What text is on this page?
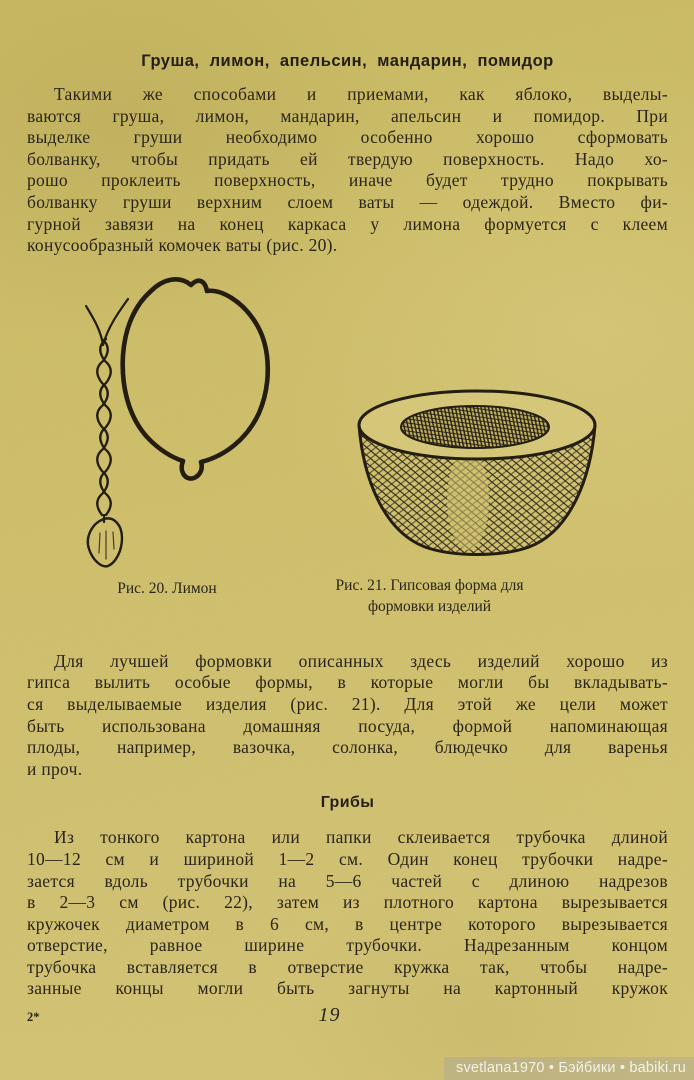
Груша, лимон, апельсин, мандарин, помидор
Такими же способами и приемами, как яблоко, выделы-
ваются груша, лимон, мандарин, апельсин и помидор. При
выделке груши необходимо особенно хорошо сформовать
болванку, чтобы придать ей твердую поверхность. Надо хо-
рошо проклеить поверхность, иначе будет трудно покрывать
болванку груши верхним слоем ваты — одеждой. Вместо фи-
гурной завязи на конец каркаса у лимона формуется с клеем
конусообразный комочек ваты (рис. 20).
Рис. 20. Лимон	Рис. 21. Гипсовая форма для
формовки изделий
Для лучшей формовки описанных здесь изделий хорошо из
гипса вылить особые формы, в которые могли бы вкладывать-
ся выделываемые изделия (рис. 21). Для этой же цели может
быть использована домашняя посуда, формой напоминающая
плоды, например, вазочка, солонка, блюдечко для варенья
и проч.
Грибы
Из тонкого картона или папки склеивается трубочка длиной
10—12 см и шириной 1—2 см. Один конец трубочки надре-
зается вдоль трубочки на 5—6 частей с длиною надрезов
в 2—3 см (рис. 22), затем из плотного картона вырезывается
кружочек диаметром в 6 см, в центре которого вырезывается
отверстие, равное ширине трубочки. Надрезанным концом
трубочка вставляется в отверстие кружка так, чтобы надре-
занные концы могли быть загнуты на картонный кружок
2*	19
svetlana1970 • Бэйбики • babiki.ru
